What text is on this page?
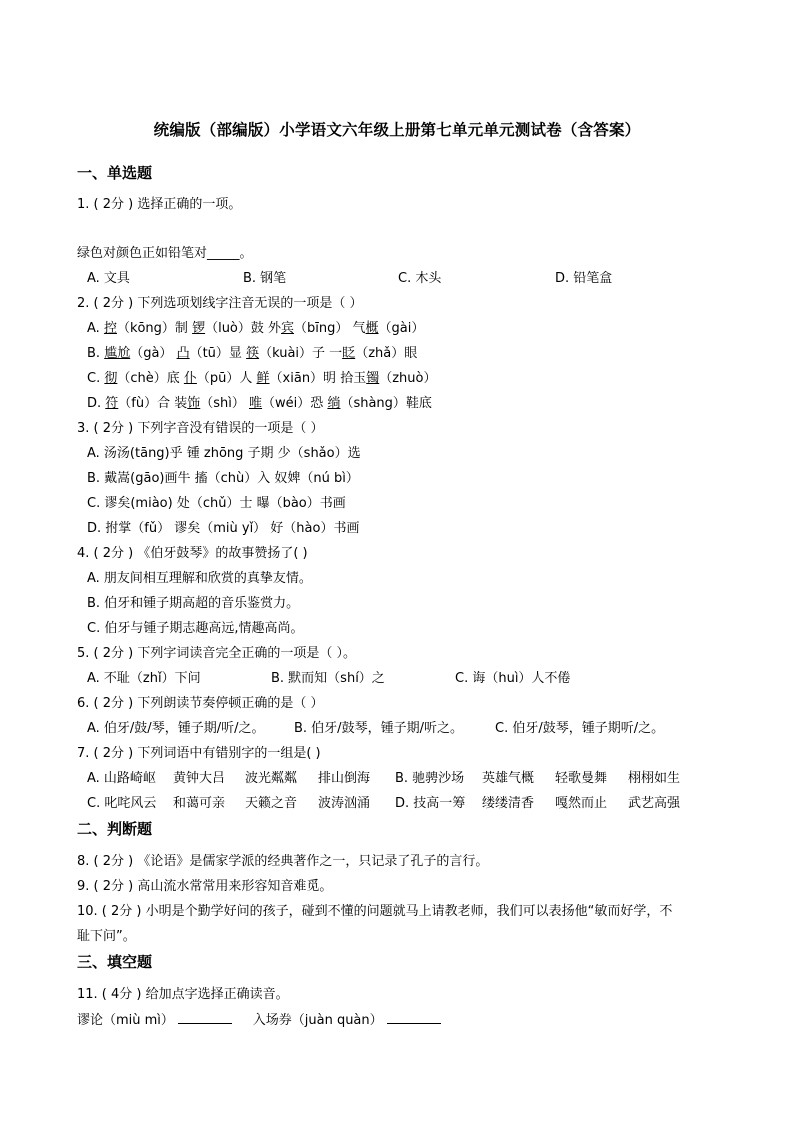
统编版（部编版）小学语文六年级上册第七单元单元测试卷（含答案）
一、单选题
1. ( 2分 ) 选择正确的一项。
绿色对颜色正如铅笔对_____。
A. 文具	B. 钢笔	C. 木头	D. 铅笔盒
2. ( 2分 ) 下列选项划线字注音无误的一项是（ ）
A. 控（kōng）制 锣（luò）鼓 外宾（bīng） 气概（gài）
B. 尴尬（gà） 凸（tū）显 筷（kuài）子 一眨（zhǎ）眼
C. 彻（chè）底 仆（pū）人 鲜（xiān）明 拾玉镯（zhuò）
D. 符（fù）合 装饰（shì） 唯（wéi）恐 绱（shàng）鞋底
3. ( 2分 ) 下列字音没有错误的一项是（ ）
A. 汤汤(tāng)乎 锺 zhōng 子期 少（shǎo）选
B. 戴嵩(gāo)画牛 搐（chù）入 奴婢（nú bì）
C. 谬矣(miào) 处（chǔ）士 曝（bào）书画
D. 拊掌（fǔ） 谬矣（miù yǐ） 好（hào）书画
4. ( 2分 ) 《伯牙鼓琴》的故事赞扬了( )
A. 朋友间相互理解和欣赏的真挚友情。
B. 伯牙和锺子期高超的音乐鉴赏力。
C. 伯牙与锺子期志趣高远,情趣高尚。
5. ( 2分 ) 下列字词读音完全正确的一项是（ ）。
A. 不耻（zhǐ）下问	B. 默而知（shí）之	C. 诲（huì）人不倦
6. ( 2分 ) 下列朗读节奏停顿正确的是（ ）
A. 伯牙/鼓/琴，锺子期/听/之。 B. 伯牙/鼓琴，锺子期/听之。 C. 伯牙/鼓琴，锺子期听/之。
7. ( 2分 ) 下列词语中有错别字的一组是( )
A. 山路崎岖 黄钟大吕 波光粼粼 排山倒海 B. 驰骋沙场 英雄气概 轻歌曼舞 栩栩如生
C. 叱咤风云 和蔼可亲 天籁之音 波涛汹涌 D. 技高一筹 缕缕清香 嘎然而止 武艺高强
二、判断题
8. ( 2分 ) 《论语》是儒家学派的经典著作之一，只记录了孔子的言行。
9. ( 2分 ) 高山流水常常用来形容知音难觅。
10. ( 2分 ) 小明是个勤学好问的孩子，碰到不懂的问题就马上请教老师，我们可以表扬他“敏而好学，不
耻下问”。
三、填空题
11. ( 4分 ) 给加点字选择正确读音。
谬论（miù mì）	入场券（juàn quàn）
